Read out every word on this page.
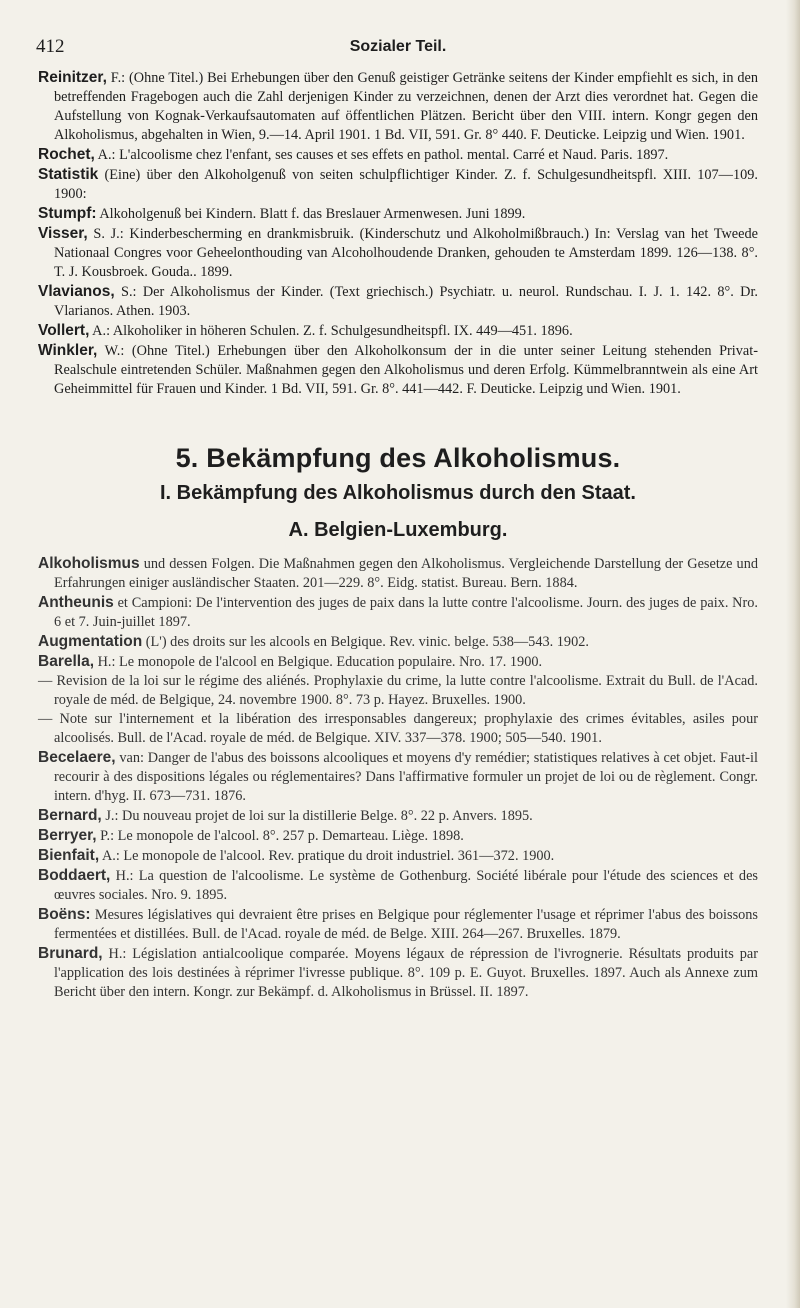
412	Sozialer Teil.

Reinitzer, F.: (Ohne Titel.) Bei Erhebungen über den Genuß geistiger Getränke seitens der Kinder empfiehlt es sich, in den betreffenden Fragebogen auch die Zahl derjenigen Kinder zu verzeichnen, denen der Arzt dies verordnet hat. Gegen die Aufstellung von Kognak-Verkaufsautomaten auf öffentlichen Plätzen. Bericht über den VIII. intern. Kongr gegen den Alkoholismus, abgehalten in Wien, 9.—14. April 1901. 1 Bd. VII, 591. Gr. 8° 440. F. Deuticke. Leipzig und Wien. 1901.

Rochet, A.: L'alcoolisme chez l'enfant, ses causes et ses effets en pathol. mental. Carré et Naud. Paris. 1897.

Statistik (Eine) über den Alkoholgenuß von seiten schulpflichtiger Kinder. Z. f. Schulgesundheitspfl. XIII. 107—109. 1900:

Stumpf: Alkoholgenuß bei Kindern. Blatt f. das Breslauer Armenwesen. Juni 1899.

Visser, S. J.: Kinderbescherming en drankmisbruik. (Kinderschutz und Alkoholmißbrauch.) In: Verslag van het Tweede Nationaal Congres voor Geheelonthouding van Alcoholhoudende Dranken, gehouden te Amsterdam 1899. 126—138. 8°. T. J. Kousbroek. Gouda.. 1899.

Vlavianos, S.: Der Alkoholismus der Kinder. (Text griechisch.) Psychiatr. u. neurol. Rundschau. I. J. 1. 142. 8°. Dr. Vlarianos. Athen. 1903.

Vollert, A.: Alkoholiker in höheren Schulen. Z. f. Schulgesundheitspfl. IX. 449—451. 1896.

Winkler, W.: (Ohne Titel.) Erhebungen über den Alkoholkonsum der in die unter seiner Leitung stehenden Privat-Realschule eintretenden Schüler. Maßnahmen gegen den Alkoholismus und deren Erfolg. Kümmelbranntwein als eine Art Geheimmittel für Frauen und Kinder. 1 Bd. VII, 591. Gr. 8°. 441—442. F. Deuticke. Leipzig und Wien. 1901.

5. Bekämpfung des Alkoholismus.
I. Bekämpfung des Alkoholismus durch den Staat.
A. Belgien-Luxemburg.

Alkoholismus und dessen Folgen. Die Maßnahmen gegen den Alkoholismus. Vergleichende Darstellung der Gesetze und Erfahrungen einiger ausländischer Staaten. 201—229. 8°. Eidg. statist. Bureau. Bern. 1884.

Antheunis et Campioni: De l'intervention des juges de paix dans la lutte contre l'alcoolisme. Journ. des juges de paix. Nro. 6 et 7. Juin-juillet 1897.

Augmentation (L') des droits sur les alcools en Belgique. Rev. vinic. belge. 538—543. 1902.

Barella, H.: Le monopole de l'alcool en Belgique. Education populaire. Nro. 17. 1900.

— Revision de la loi sur le régime des aliénés. Prophylaxie du crime, la lutte contre l'alcoolisme. Extrait du Bull. de l'Acad. royale de méd. de Belgique, 24. novembre 1900. 8°. 73 p. Hayez. Bruxelles. 1900.

— Note sur l'internement et la libération des irresponsables dangereux; prophylaxie des crimes évitables, asiles pour alcoolisés. Bull. de l'Acad. royale de méd. de Belgique. XIV. 337—378. 1900; 505—540. 1901.

Becelaere, van: Danger de l'abus des boissons alcooliques et moyens d'y remédier; statistiques relatives à cet objet. Faut-il recourir à des dispositions légales ou réglementaires? Dans l'affirmative formuler un projet de loi ou de règlement. Congr. intern. d'hyg. II. 673—731. 1876.

Bernard, J.: Du nouveau projet de loi sur la distillerie Belge. 8°. 22 p. Anvers. 1895.

Berryer, P.: Le monopole de l'alcool. 8°. 257 p. Demarteau. Liège. 1898.

Bienfait, A.: Le monopole de l'alcool. Rev. pratique du droit industriel. 361—372. 1900.

Boddaert, H.: La question de l'alcoolisme. Le système de Gothenburg. Société libérale pour l'étude des sciences et des œuvres sociales. Nro. 9. 1895.

Boëns: Mesures législatives qui devraient être prises en Belgique pour réglementer l'usage et réprimer l'abus des boissons fermentées et distillées. Bull. de l'Acad. royale de méd. de Belge. XIII. 264—267. Bruxelles. 1879.

Brunard, H.: Législation antialcoolique comparée. Moyens légaux de répression de l'ivrognerie. Résultats produits par l'application des lois destinées à réprimer l'ivresse publique. 8°. 109 p. E. Guyot. Bruxelles. 1897. Auch als Annexe zum Bericht über den intern. Kongr. zur Bekämpf. d. Alkoholismus in Brüssel. II. 1897.
